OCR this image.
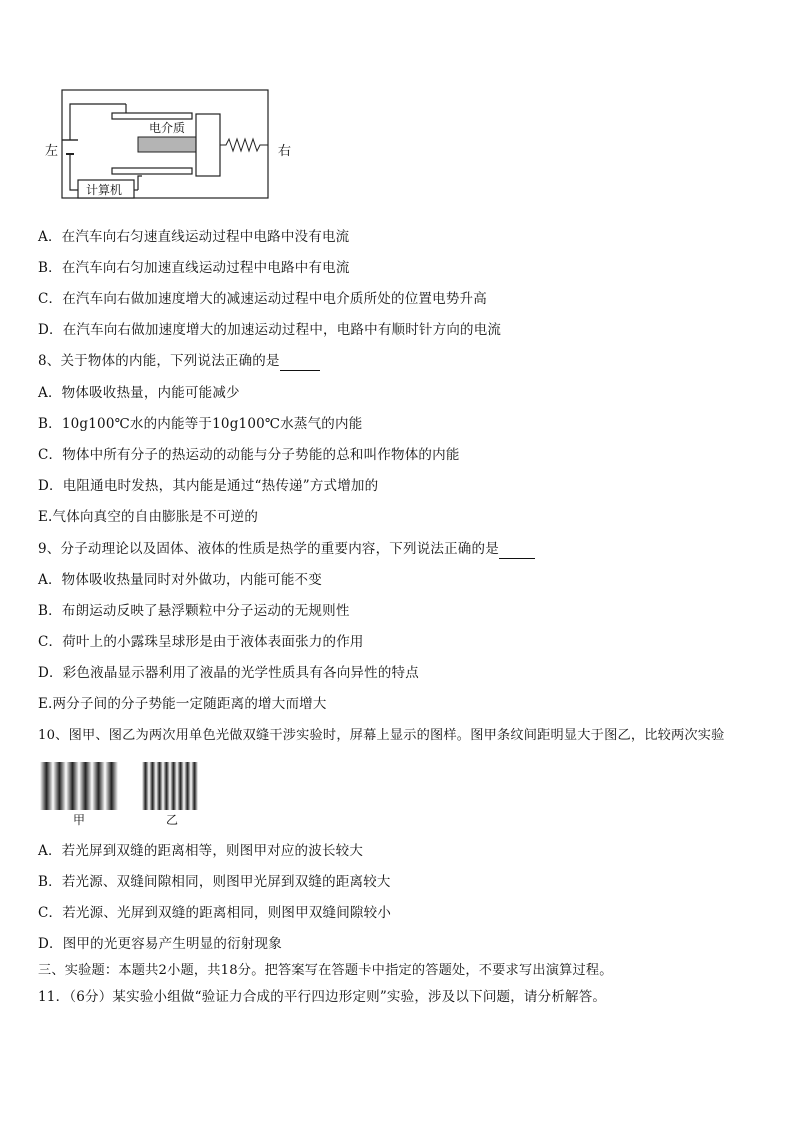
左	右
电介质
计算机
A．在汽车向右匀速直线运动过程中电路中没有电流
B．在汽车向右匀加速直线运动过程中电路中有电流
C．在汽车向右做加速度增大的减速运动过程中电介质所处的位置电势升高
D．在汽车向右做加速度增大的加速运动过程中，电路中有顺时针方向的电流
8、关于物体的内能，下列说法正确的是
A．物体吸收热量，内能可能减少
B．10g100℃水的内能等于10g100℃水蒸气的内能
C．物体中所有分子的热运动的动能与分子势能的总和叫作物体的内能
D．电阻通电时发热，其内能是通过“热传递”方式增加的
E.气体向真空的自由膨胀是不可逆的
9、分子动理论以及固体、液体的性质是热学的重要内容，下列说法正确的是
A．物体吸收热量同时对外做功，内能可能不变
B．布朗运动反映了悬浮颗粒中分子运动的无规则性
C．荷叶上的小露珠呈球形是由于液体表面张力的作用
D．彩色液晶显示器利用了液晶的光学性质具有各向异性的特点
E.两分子间的分子势能一定随距离的增大而增大
10、图甲、图乙为两次用单色光做双缝干涉实验时，屏幕上显示的图样。图甲条纹间距明显大于图乙，比较两次实验
甲	乙
A．若光屏到双缝的距离相等，则图甲对应的波长较大
B．若光源、双缝间隙相同，则图甲光屏到双缝的距离较大
C．若光源、光屏到双缝的距离相同，则图甲双缝间隙较小
D．图甲的光更容易产生明显的衍射现象
三、实验题：本题共2小题，共18分。把答案写在答题卡中指定的答题处，不要求写出演算过程。
11．（6分）某实验小组做“验证力合成的平行四边形定则”实验，涉及以下问题，请分析解答。
